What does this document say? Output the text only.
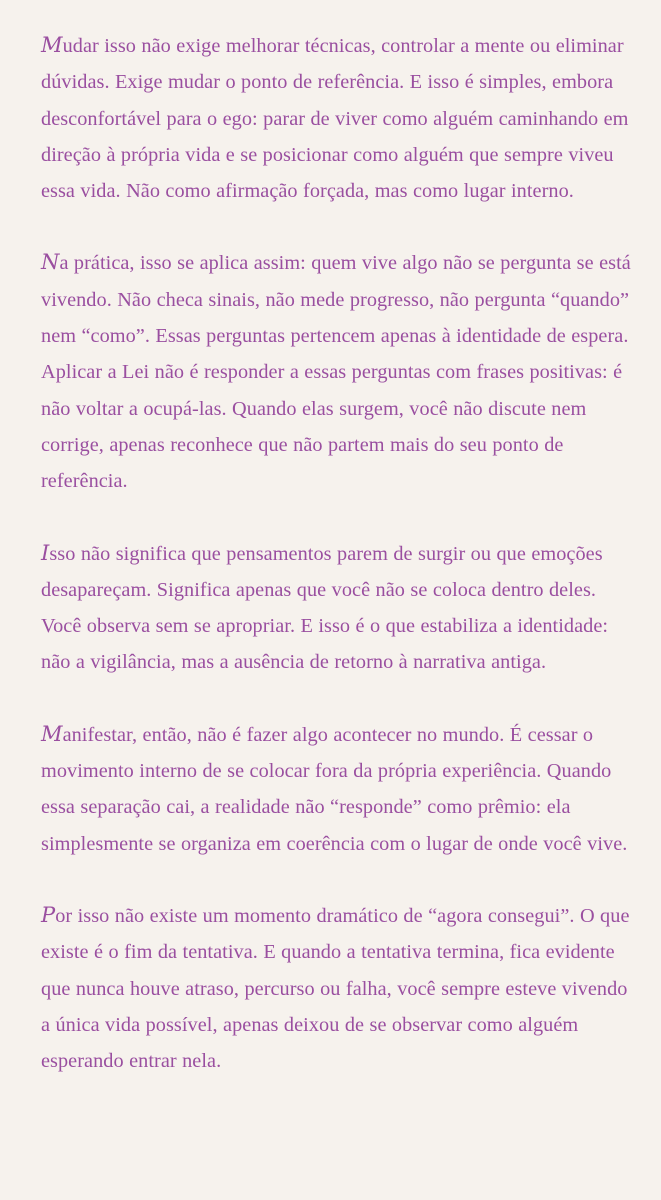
Mudar isso não exige melhorar técnicas, controlar a mente ou eliminar dúvidas. Exige mudar o ponto de referência. E isso é simples, embora desconfortável para o ego: parar de viver como alguém caminhando em direção à própria vida e se posicionar como alguém que sempre viveu essa vida. Não como afirmação forçada, mas como lugar interno.

Na prática, isso se aplica assim: quem vive algo não se pergunta se está vivendo. Não checa sinais, não mede progresso, não pergunta “quando” nem “como”. Essas perguntas pertencem apenas à identidade de espera. Aplicar a Lei não é responder a essas perguntas com frases positivas: é não voltar a ocupá-las. Quando elas surgem, você não discute nem corrige, apenas reconhece que não partem mais do seu ponto de referência.

Isso não significa que pensamentos parem de surgir ou que emoções desapareçam. Significa apenas que você não se coloca dentro deles. Você observa sem se apropriar. E isso é o que estabiliza a identidade: não a vigilância, mas a ausência de retorno à narrativa antiga.

Manifestar, então, não é fazer algo acontecer no mundo. É cessar o movimento interno de se colocar fora da própria experiência. Quando essa separação cai, a realidade não “responde” como prêmio: ela simplesmente se organiza em coerência com o lugar de onde você vive.

Por isso não existe um momento dramático de “agora consegui”. O que existe é o fim da tentativa. E quando a tentativa termina, fica evidente que nunca houve atraso, percurso ou falha, você sempre esteve vivendo a única vida possível, apenas deixou de se observar como alguém esperando entrar nela.
